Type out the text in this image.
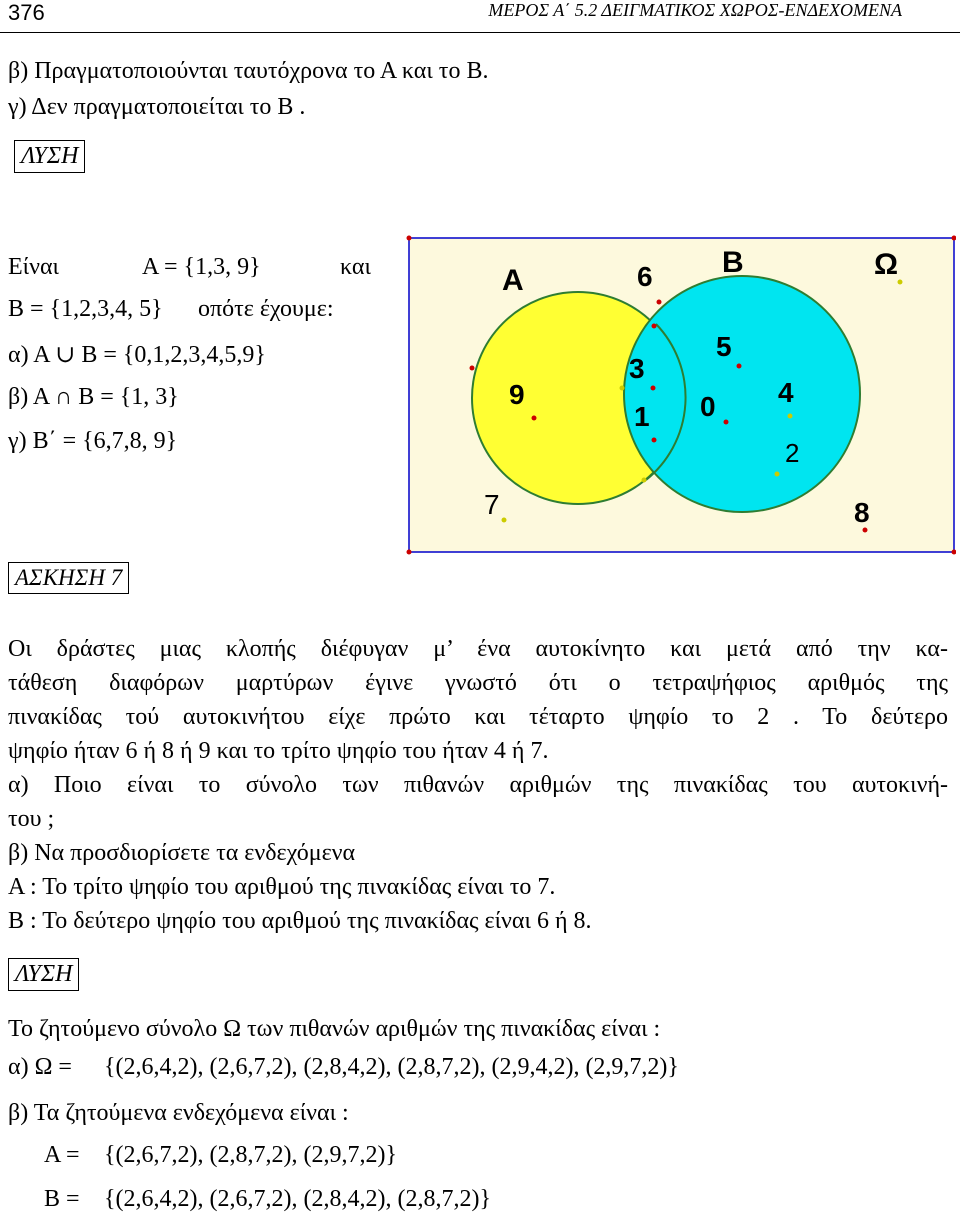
376	ΜΕΡΟΣ Α΄ 5.2 ΔΕΙΓΜΑΤΙΚΟΣ ΧΩΡΟΣ-ΕΝΔΕΧΟΜΕΝΑ
β) Πραγματοποιούνται ταυτόχρονα το Α και το Β.
γ) Δεν πραγματοποιείται το Β .
ΛΥΣΗ
Είναι	Α = {1,3, 9}	και
Β = {1,2,3,4, 5} οπότε έχουμε:
α) Α ∪ Β = {0,1,2,3,4,5,9}
β) Α ∩ Β = {1, 3}
γ) Β΄ = {6,7,8, 9}
A
B	Ω
6
5
3
9
1 0 4
2
7	8
ΑΣΚΗΣΗ 7
Οι δράστες μιας κλοπής διέφυγαν μ’ ένα αυτοκίνητο και μετά από την κα-
τάθεση διαφόρων μαρτύρων έγινε γνωστό ότι ο τετραψήφιος αριθμός της
πινακίδας τού αυτοκινήτου είχε πρώτο και τέταρτο ψηφίο το 2 . Το δεύτερο
ψηφίο ήταν 6 ή 8 ή 9 και το τρίτο ψηφίο του ήταν 4 ή 7.
α) Ποιο είναι το σύνολο των πιθανών αριθμών της πινακίδας του αυτοκινή-
του ;
β) Να προσδιορίσετε τα ενδεχόμενα
Α : Το τρίτο ψηφίο του αριθμού της πινακίδας είναι το 7.
Β : Το δεύτερο ψηφίο του αριθμού της πινακίδας είναι 6 ή 8.
ΛΥΣΗ
Το ζητούμενο σύνολο Ω των πιθανών αριθμών της πινακίδας είναι :
α) Ω = {(2,6,4,2), (2,6,7,2), (2,8,4,2), (2,8,7,2), (2,9,4,2), (2,9,7,2)}
β) Τα ζητούμενα ενδεχόμενα είναι :
Α = {(2,6,7,2), (2,8,7,2), (2,9,7,2)}
Β = {(2,6,4,2), (2,6,7,2), (2,8,4,2), (2,8,7,2)}
